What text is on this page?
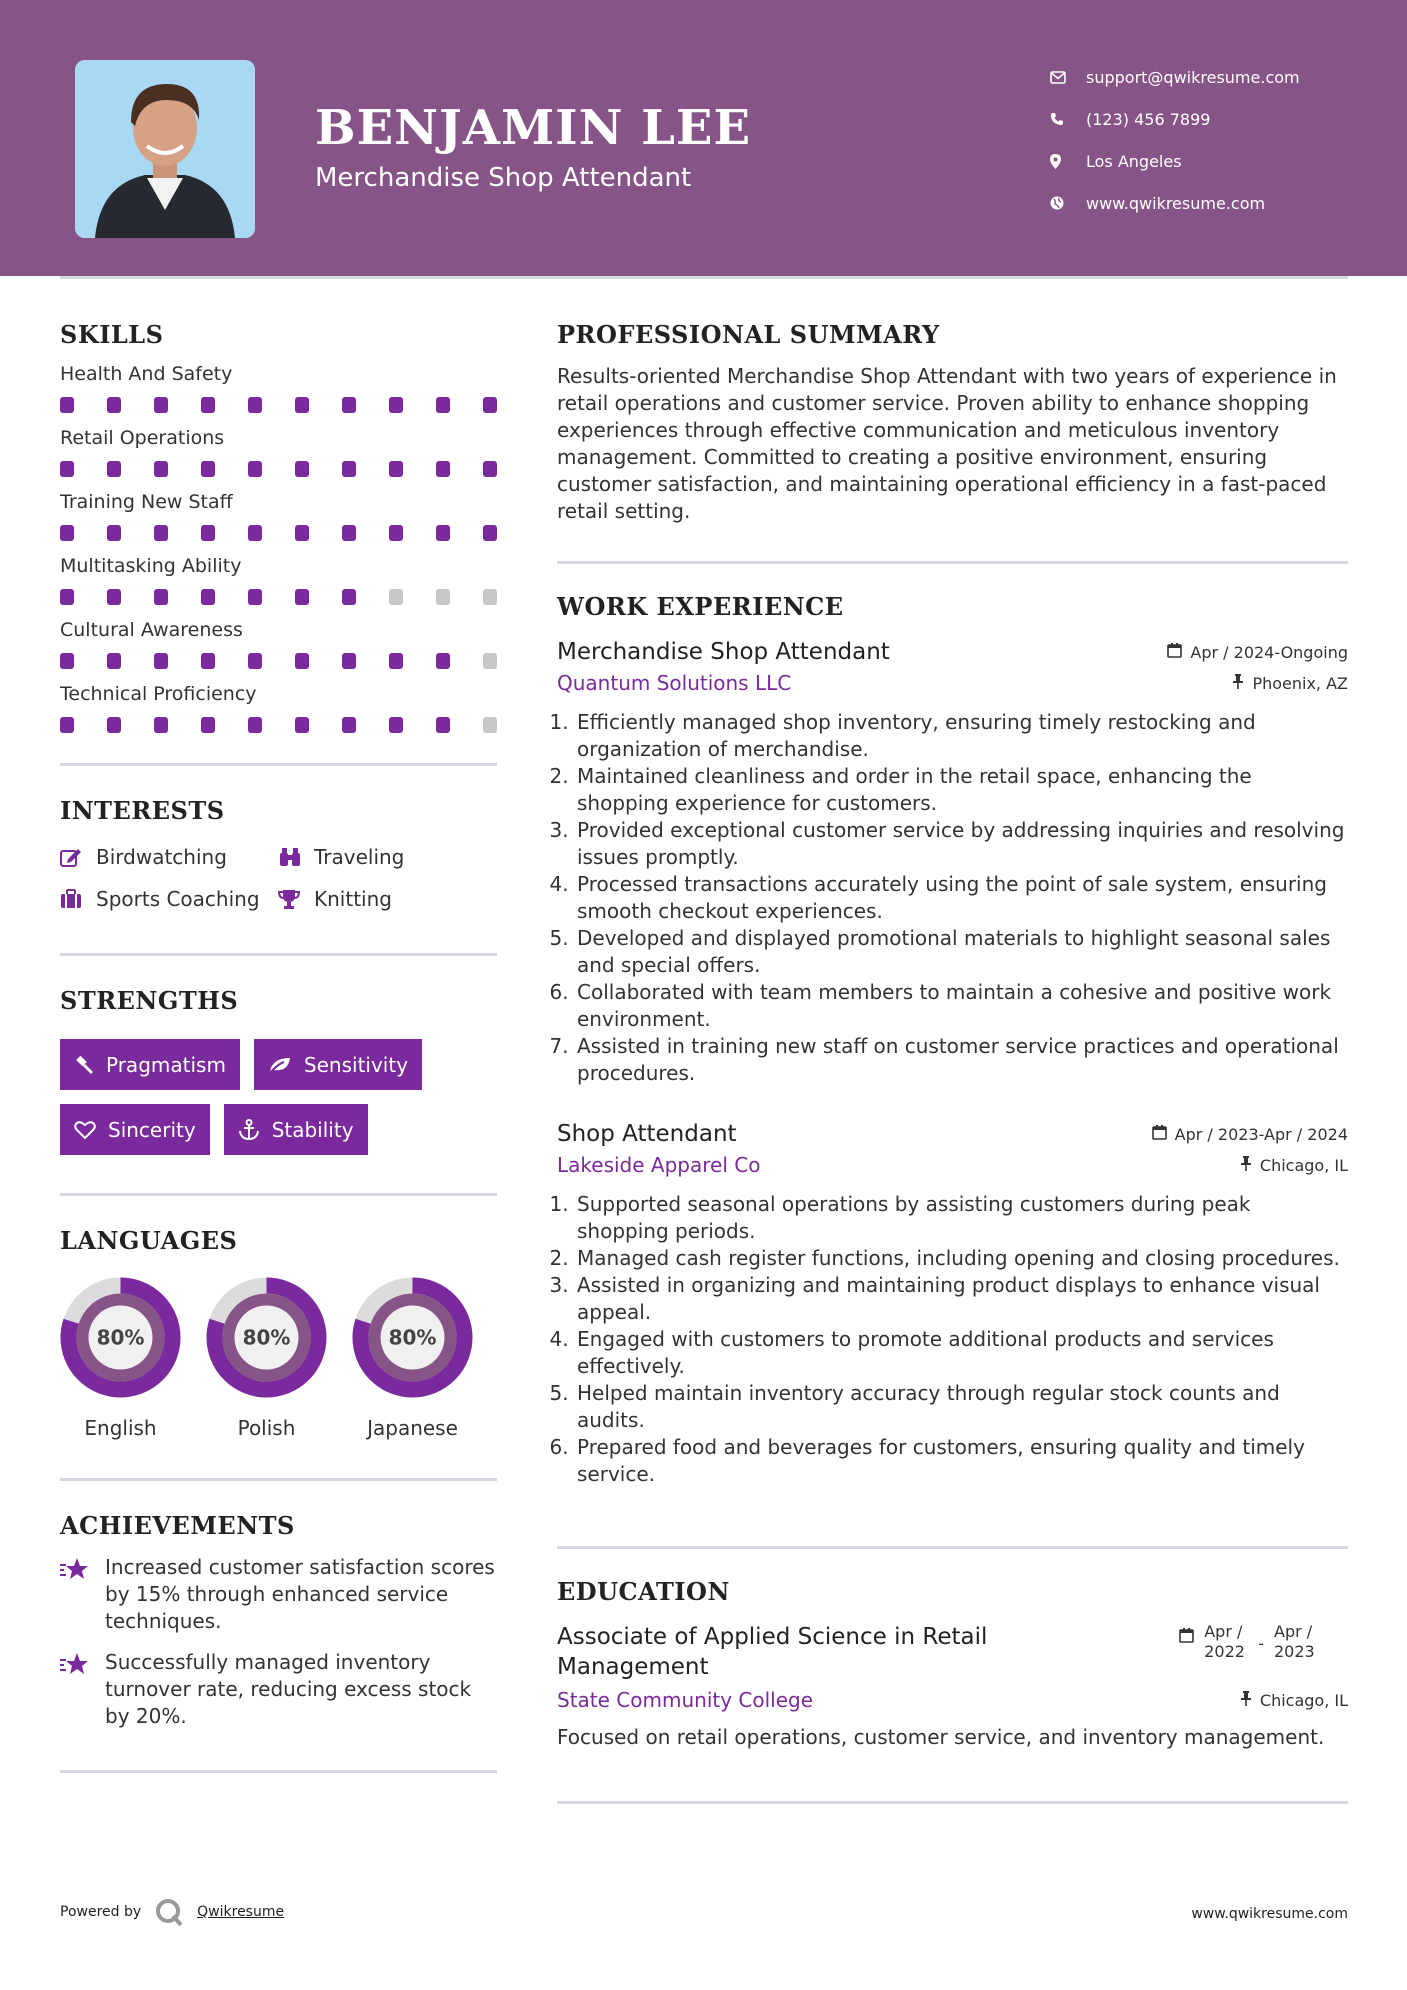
BENJAMIN LEE
Merchandise Shop Attendant
support@qwikresume.com
(123) 456 7899
Los Angeles
www.qwikresume.com
SKILLS
Health And Safety
Retail Operations
Training New Staff
Multitasking Ability
Cultural Awareness
Technical Proficiency
INTERESTS
Birdwatching	Traveling
Sports Coaching	Knitting
STRENGTHS
Pragmatism	Sensitivity
Sincerity	Stability
LANGUAGES
80%
English
80%
Polish
80%
Japanese
ACHIEVEMENTS
Increased customer satisfaction scores by 15% through enhanced service techniques.
Successfully managed inventory turnover rate, reducing excess stock by 20%.
PROFESSIONAL SUMMARY
Results-oriented Merchandise Shop Attendant with two years of experience in retail operations and customer service. Proven ability to enhance shopping experiences through effective communication and meticulous inventory management. Committed to creating a positive environment, ensuring customer satisfaction, and maintaining operational efficiency in a fast-paced retail setting.
WORK EXPERIENCE
Merchandise Shop Attendant	Apr / 2024-Ongoing
Quantum Solutions LLC	Phoenix, AZ
1. Efficiently managed shop inventory, ensuring timely restocking and organization of merchandise.
2. Maintained cleanliness and order in the retail space, enhancing the shopping experience for customers.
3. Provided exceptional customer service by addressing inquiries and resolving issues promptly.
4. Processed transactions accurately using the point of sale system, ensuring smooth checkout experiences.
5. Developed and displayed promotional materials to highlight seasonal sales and special offers.
6. Collaborated with team members to maintain a cohesive and positive work environment.
7. Assisted in training new staff on customer service practices and operational procedures.
Shop Attendant	Apr / 2023-Apr / 2024
Lakeside Apparel Co	Chicago, IL
1. Supported seasonal operations by assisting customers during peak shopping periods.
2. Managed cash register functions, including opening and closing procedures.
3. Assisted in organizing and maintaining product displays to enhance visual appeal.
4. Engaged with customers to promote additional products and services effectively.
5. Helped maintain inventory accuracy through regular stock counts and audits.
6. Prepared food and beverages for customers, ensuring quality and timely service.
EDUCATION
Associate of Applied Science in Retail Management
Apr / 2022 -
Apr / 2023
State Community College	Chicago, IL
Focused on retail operations, customer service, and inventory management.
Powered by	Qwikresume	www.qwikresume.com
